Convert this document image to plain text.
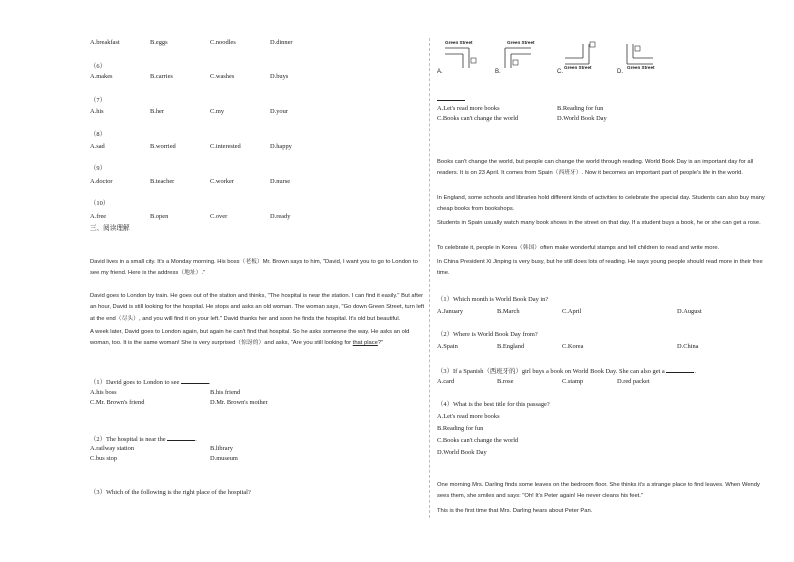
A.breakfast	B.eggs	C.noodles	D.dinner
（6）
A.makes	B.carries	C.washes	D.buys
（7）
A.his	B.her	C.my	D.your
（8）
A.sad	B.worried	C.interested	D.happy
（9）
A.doctor	B.teacher	C.worker	D.nurse
（10）
A.free	B.open	C.over	D.ready
三、阅读理解
David lives in a small city. It's a Monday morning. His boss（老板）Mr. Brown says to him, "David, I want you to go to London to see my friend. Here is the address（地址）."
David goes to London by train. He goes out of the station and thinks, "The hospital is near the station. I can find it easily." But after an hour, David is still looking for the hospital. He stops and asks an old woman. The woman says, "Go down Green Street, turn left at the end（尽头）, and you will find it on your left." David thanks her and soon he finds the hospital. It's old but beautiful.
A week later, David goes to London again, but again he can't find that hospital. So he asks someone the way. He asks an old woman, too. It is the same woman! She is very surprised（惊讶的）and asks, "Are you still looking for that place?"
（1）David goes to London to see	.
A.his boss	B.his friend
C.Mr. Brown's friend	D.Mr. Brown's mother
（2）The hospital is near the	.
A.railway station	B.library
C.bus stop	D.museum
（3）Which of the following is the right place of the hospital?
Green Street
A.
Green Street
B.
Green Street
C.
Green Street
D.
A.Let's read more books	B.Reading for fun
C.Books can't change the world	D.World Book Day
Books can't change the world, but people can change the world through reading. World Book Day is an important day for all readers. It is on 23 April. It comes from Spain（西班牙）. Now it becomes an important part of people's life in the world.
In England, some schools and libraries hold different kinds of activities to celebrate the special day. Students can also buy many cheap books from bookshops.
Students in Spain usually watch many book shows in the street on that day. If a student buys a book, he or she can get a rose.
To celebrate it, people in Korea（韩国）often make wonderful stamps and tell children to read and write more.
In China President Xi Jinping is very busy, but he still does lots of reading. He says young people should read more in their free time.
（1）Which month is World Book Day in?
A.January	B.March	C.April	D.August
（2）Where is World Book Day from?
A.Spain	B.England	C.Korea	D.China
（3）If a Spanish（西班牙的）girl buys a book on World Book Day. She can also get a	.
A.card	B.rose	C.stamp	D.red packet
（4）What is the best title for this passage?
A.Let's read more books
B.Reading for fun
C.Books can't change the world
D.World Book Day
One morning Mrs. Darling finds some leaves on the bedroom floor. She thinks it's a strange place to find leaves. When Wendy sees them, she smiles and says: "Oh! It's Peter again! He never cleans his feet."
This is the first time that Mrs. Darling hears about Peter Pan.
